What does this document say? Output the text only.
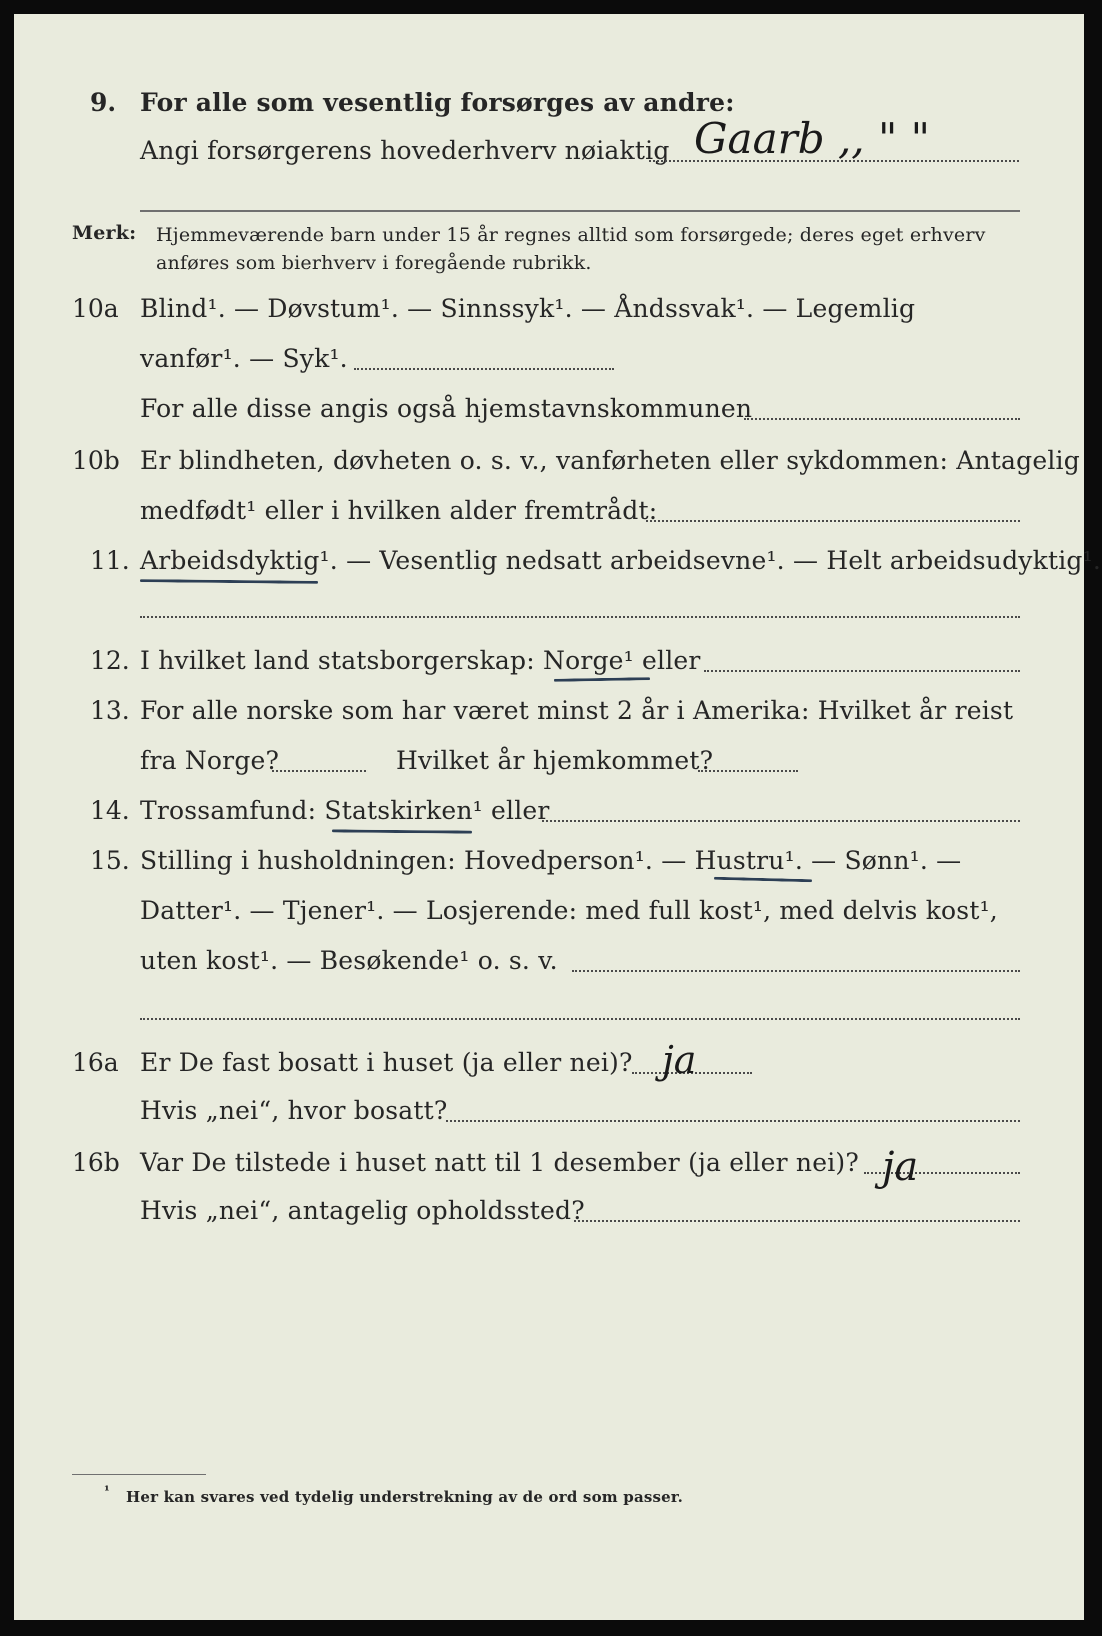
9. For alle som vesentlig forsørges av andre:
Angi forsørgerens hovederhverv nøiaktig Gaarb ,, " "
Merk: Hjemmeværende barn under 15 år regnes alltid som forsørgede; deres eget erhverv
anføres som bierhverv i foregående rubrikk.
10a Blind¹. — Døvstum¹. — Sinnssyk¹. — Åndssvak¹. — Legemlig
vanfør¹. — Syk¹.
For alle disse angis også hjemstavnskommunen
10b Er blindheten, døvheten o. s. v., vanførheten eller sykdommen: Antagelig
medfødt¹ eller i hvilken alder fremtrådt:
11. Arbeidsdyktig¹. — Vesentlig nedsatt arbeidsevne¹. — Helt arbeidsudyktig¹.
12. I hvilket land statsborgerskap: Norge¹ eller
13. For alle norske som har været minst 2 år i Amerika: Hvilket år reist
fra Norge?	Hvilket år hjemkommet?
14. Trossamfund: Statskirken¹ eller
15. Stilling i husholdningen: Hovedperson¹. — Hustru¹. — Sønn¹. —
Datter¹. — Tjener¹. — Losjerende: med full kost¹, med delvis kost¹,
uten kost¹. — Besøkende¹ o. s. v.
16a Er De fast bosatt i huset (ja eller nei)? ja
Hvis „nei“, hvor bosatt?
16b Var De tilstede i huset natt til 1 desember (ja eller nei)? ja
Hvis „nei“, antagelig opholdssted?
¹ Her kan svares ved tydelig understrekning av de ord som passer.
